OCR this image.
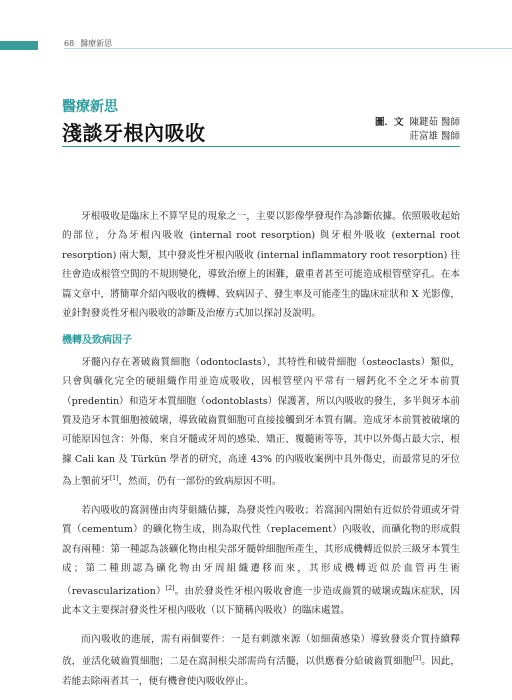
68 醫療新思
醫療新思
淺談牙根內吸收	圖．文 陳鍵茹 醫師
莊富雄 醫師

牙根吸收是臨床上不算罕見的現象之一，主要以影像學發現作為診斷依據。依照吸收起始的部位，分為牙根內吸收 (internal root resorption) 與牙根外吸收 (external root resorption) 兩大類，其中發炎性牙根內吸收 (internal inflammatory root resorption) 往往會造成根管空間的不規則變化，導致治療上的困難，嚴重者甚至可能造成根管壁穿孔。在本篇文章中，將簡單介紹內吸收的機轉、致病因子、發生率及可能產生的臨床症狀和 X 光影像，並針對發炎性牙根內吸收的診斷及治療方式加以探討及說明。

機轉及致病因子

牙髓內存在著破齒質細胞（odontoclasts），其特性和破骨細胞（osteoclasts）類似，只會與礦化完全的硬組織作用並造成吸收，因根管壁內平常有一層鈣化不全之牙本前質（predentin）和造牙本質細胞（odontoblasts）保護著，所以內吸收的發生，多半與牙本前質及造牙本質細胞被破壞，導致破齒質細胞可直接接觸到牙本質有關。造成牙本前質被破壞的可能原因包含：外傷、來自牙髓或牙周的感染、矯正、覆髓術等等，其中以外傷占最大宗，根據 Cali kan 及 Türkün 學者的研究，高達 43% 的內吸收案例中具外傷史，而最常見的牙位為上顎前牙[1]，然而，仍有一部份的致病原因不明。

若內吸收的窩洞僅由肉芽組織佔據，為發炎性內吸收；若窩洞內開始有近似於骨頭或牙骨質（cementum）的礦化物生成，則為取代性（replacement）內吸收，而礦化物的形成假說有兩種：第一種認為該礦化物由根尖部牙髓幹細胞所產生，其形成機轉近似於三級牙本質生成；第二種則認為礦化物由牙周組織遷移而來，其形成機轉近似於血管再生術（revascularization）[2]。由於發炎性牙根內吸收會進一步造成齒質的破壞或臨床症狀，因此本文主要探討發炎性牙根內吸收（以下簡稱內吸收）的臨床處置。

而內吸收的進展，需有兩個要件：一是有刺激來源（如細菌感染）導致發炎介質持續釋放，並活化破齒質細胞；二是在窩洞根尖部需尚有活髓，以供應養分給破齒質細胞[3]。因此，若能去除兩者其一，便有機會使內吸收停止。
